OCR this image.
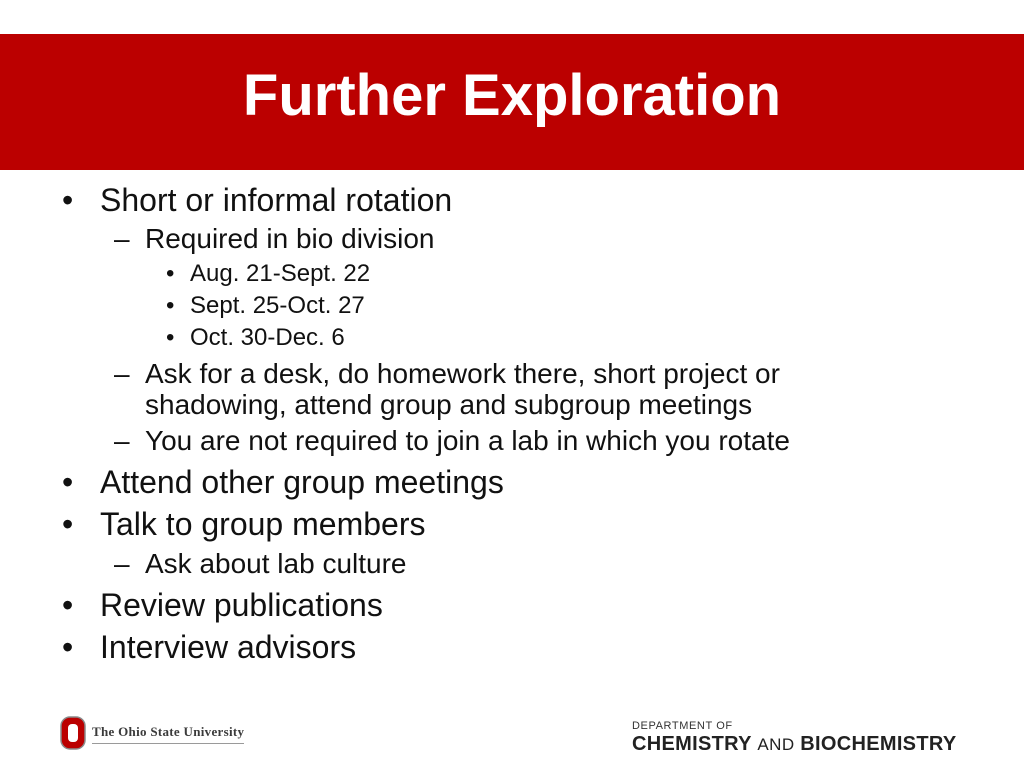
Further Exploration
• Short or informal rotation
– Required in bio division
• Aug. 21-Sept. 22
• Sept. 25-Oct. 27
• Oct. 30-Dec. 6
– Ask for a desk, do homework there, short project or
shadowing, attend group and subgroup meetings
– You are not required to join a lab in which you rotate
• Attend other group meetings
• Talk to group members
– Ask about lab culture
• Review publications
• Interview advisors
The Ohio State University	DEPARTMENT OF
CHEMISTRY AND BIOCHEMISTRY
